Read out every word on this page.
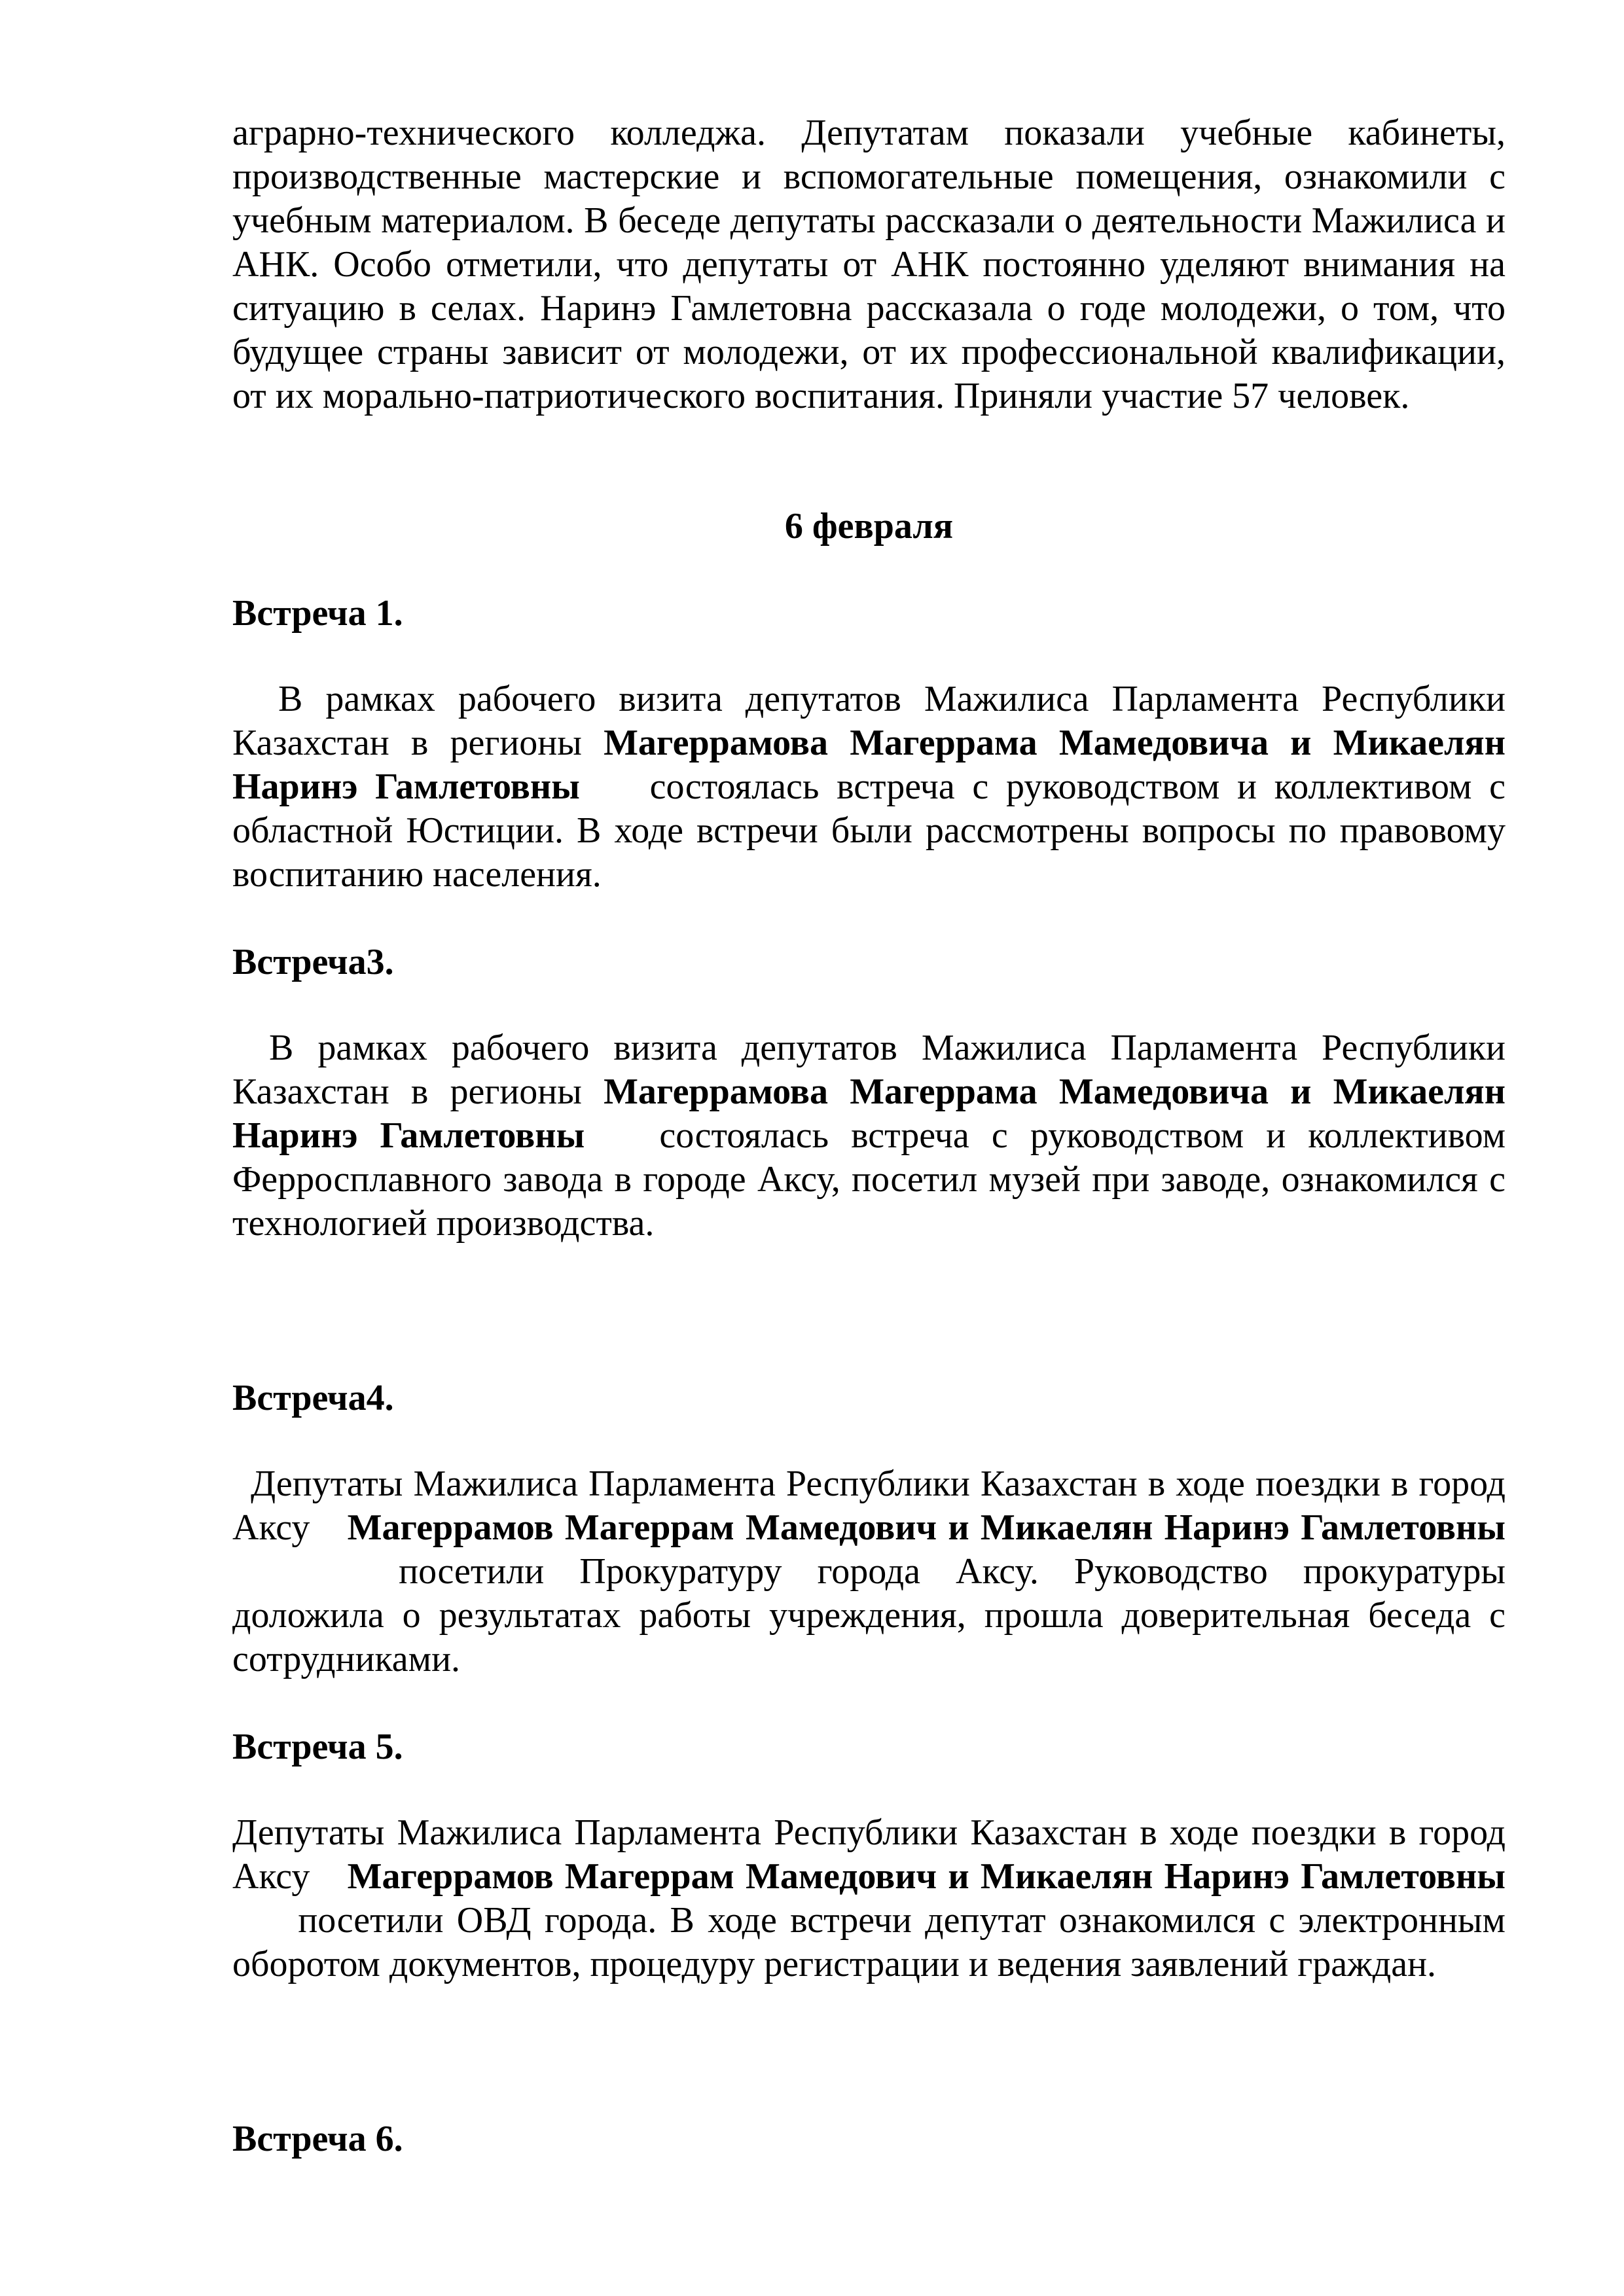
аграрно-технического колледжа. Депутатам показали учебные кабинеты, производственные мастерские и вспомогательные помещения, ознакомили с учебным материалом. В беседе депутаты рассказали о деятельности Мажилиса и АНК. Особо отметили, что депутаты от АНК постоянно уделяют внимания на ситуацию в селах. Наринэ Гамлетовна рассказала о годе молодежи, о том, что будущее страны зависит от молодежи, от их профессиональной квалификации, от их морально-патриотического воспитания. Приняли участие 57 человек.

6 февраля
Встреча 1.

В рамках рабочего визита депутатов Мажилиса Парламента Республики Казахстан в регионы Магеррамова Магеррама Мамедовича и Микаелян Наринэ Гамлетовны состоялась встреча с руководством и коллективом с областной Юстиции. В ходе встречи были рассмотрены вопросы по правовому воспитанию населения.

Встреча3.

В рамках рабочего визита депутатов Мажилиса Парламента Республики Казахстан в регионы Магеррамова Магеррама Мамедовича и Микаелян Наринэ Гамлетовны состоялась встреча с руководством и коллективом Ферросплавного завода в городе Аксу, посетил музей при заводе, ознакомился с технологией производства.

Встреча4.

Депутаты Мажилиса Парламента Республики Казахстан в ходе поездки в город Аксу Магеррамов Магеррам Мамедович и Микаелян Наринэ Гамлетовны посетили Прокуратуру города Аксу. Руководство прокуратуры доложила о результатах работы учреждения, прошла доверительная беседа с сотрудниками.

Встреча 5.

Депутаты Мажилиса Парламента Республики Казахстан в ходе поездки в город Аксу Магеррамов Магеррам Мамедович и Микаелян Наринэ Гамлетовны посетили ОВД города. В ходе встречи депутат ознакомился с электронным оборотом документов, процедуру регистрации и ведения заявлений граждан.

Встреча 6.
